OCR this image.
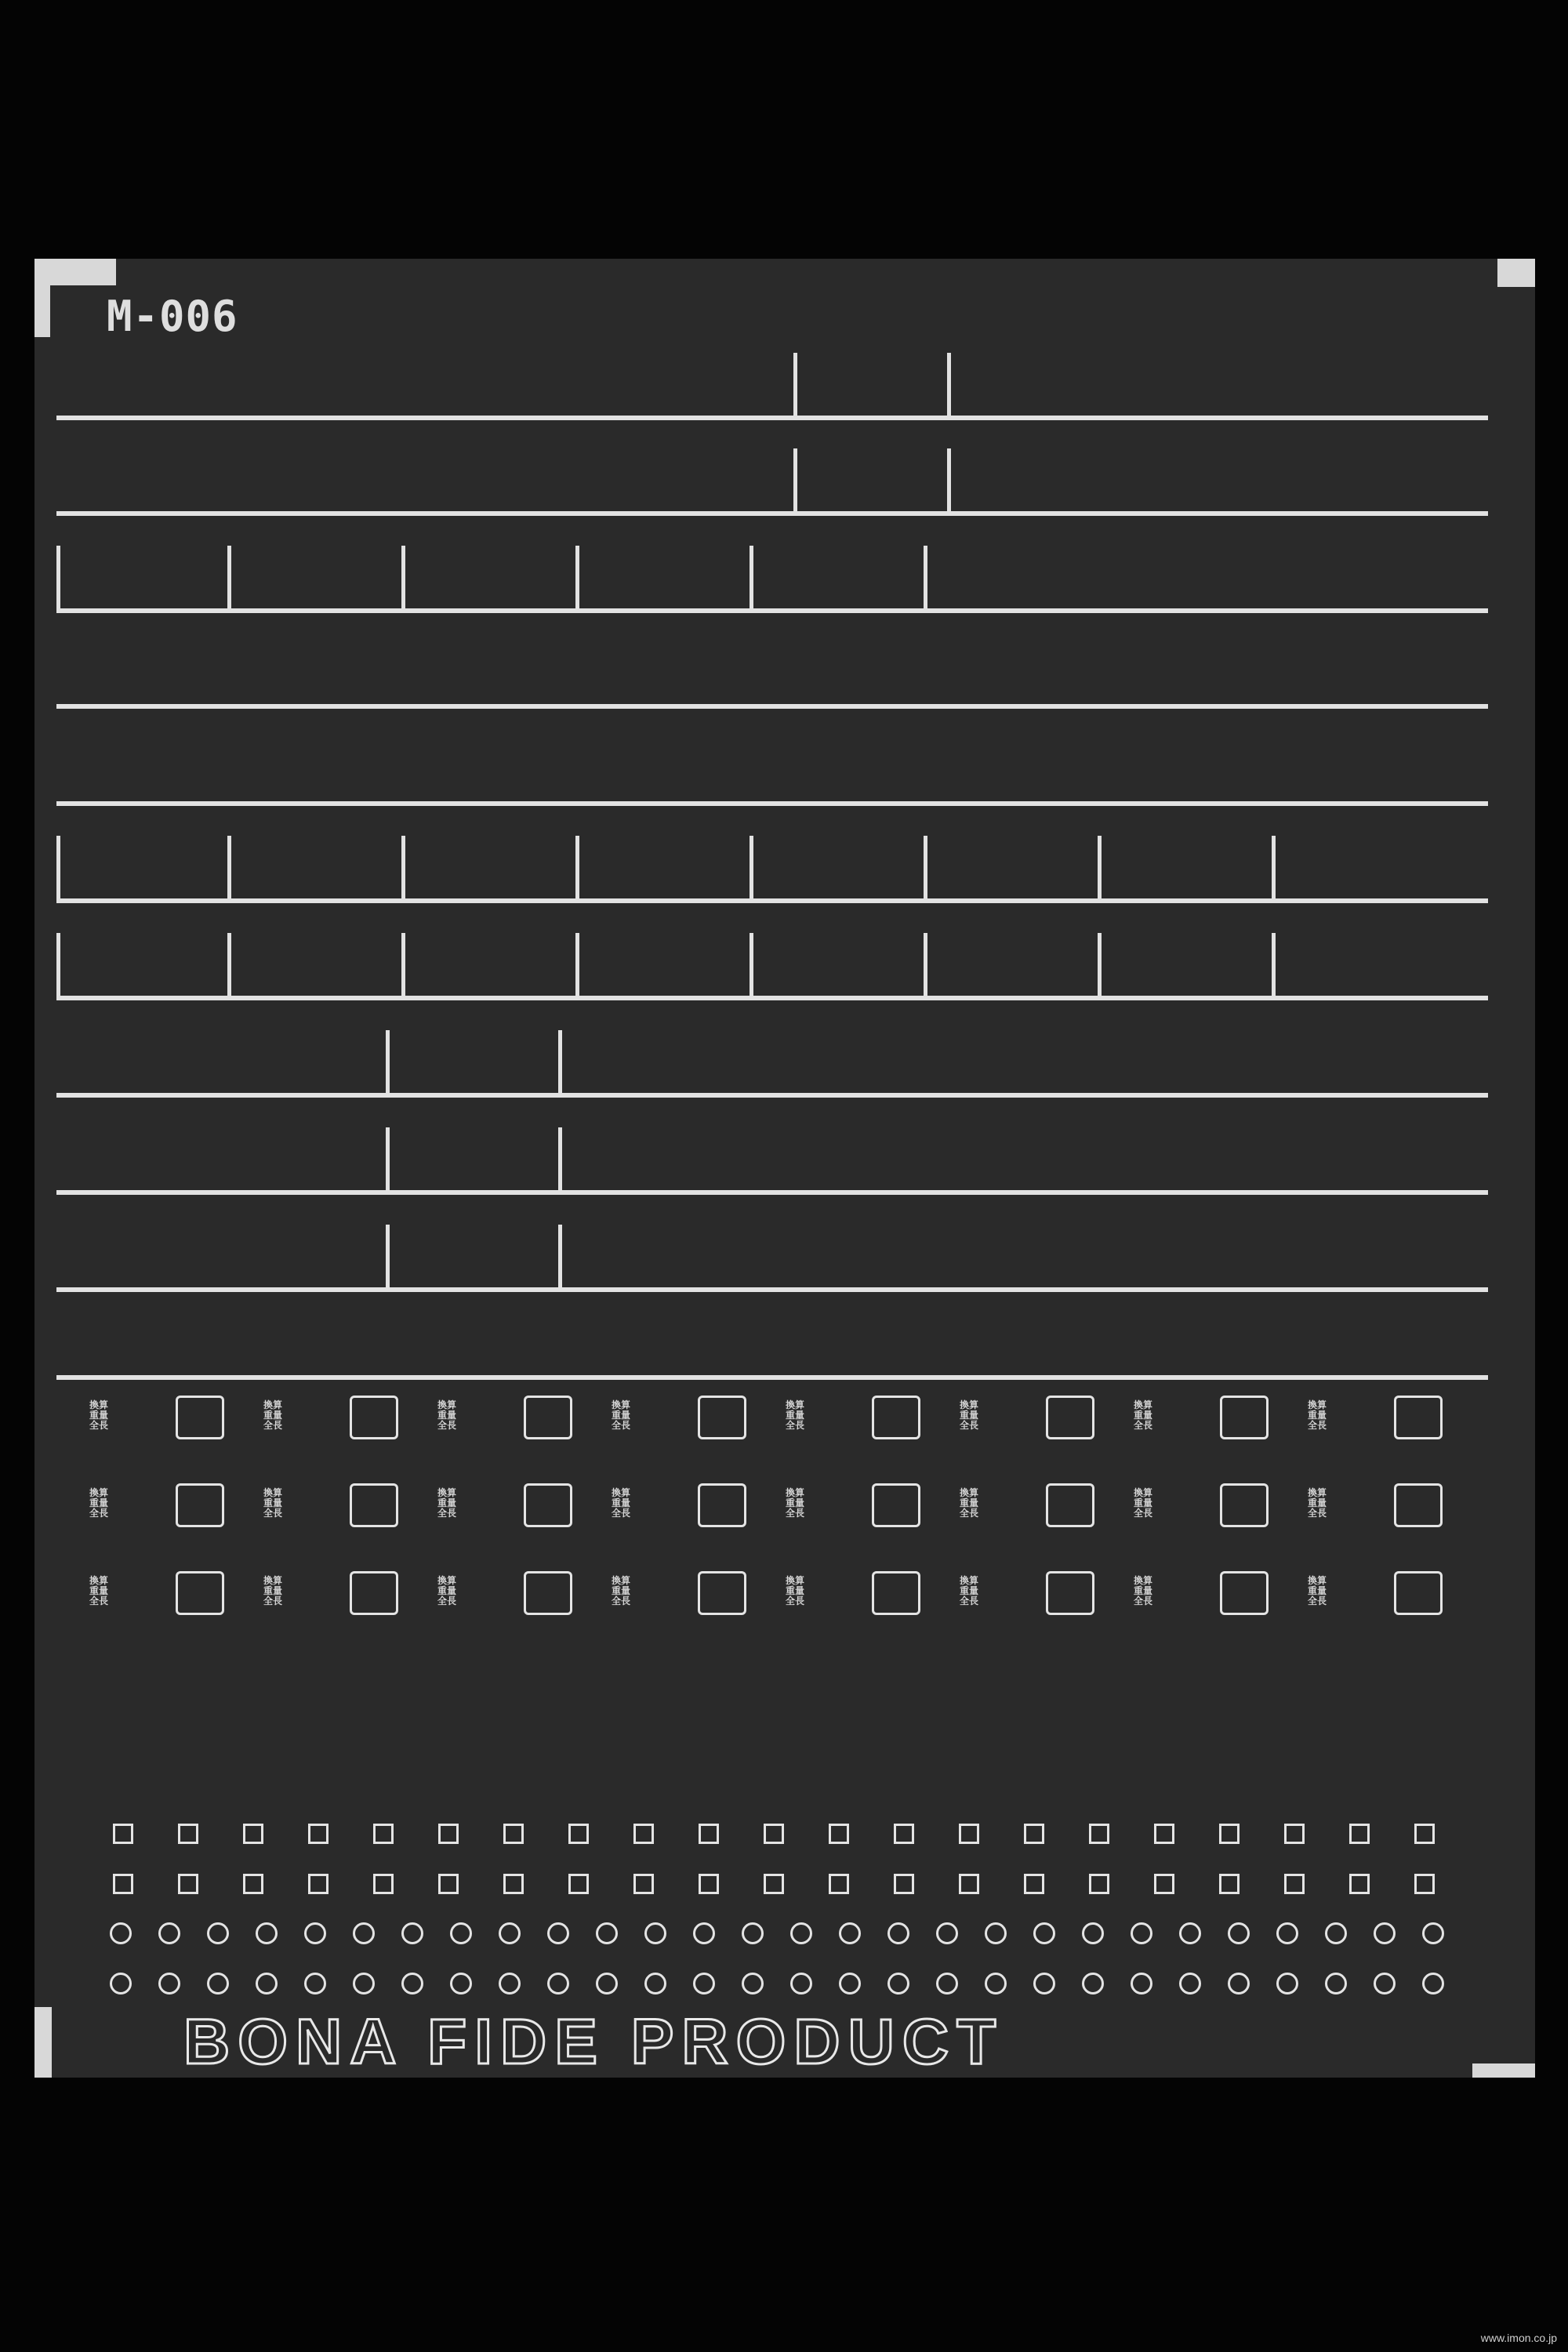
M-006
換算
重量
全長
換算
重量
全長
換算
重量
全長
換算
重量
全長
換算
重量
全長
換算
重量
全長
換算
重量
全長
換算
重量
全長
換算
重量
全長
換算
重量
全長
換算
重量
全長
換算
重量
全長
換算
重量
全長
換算
重量
全長
換算
重量
全長
換算
重量
全長
換算
重量
全長
換算
重量
全長
換算
重量
全長
換算
重量
全長
換算
重量
全長
換算
重量
全長
換算
重量
全長
換算
重量
全長
BONA FIDE PRODUCT
www.imon.co.jp
